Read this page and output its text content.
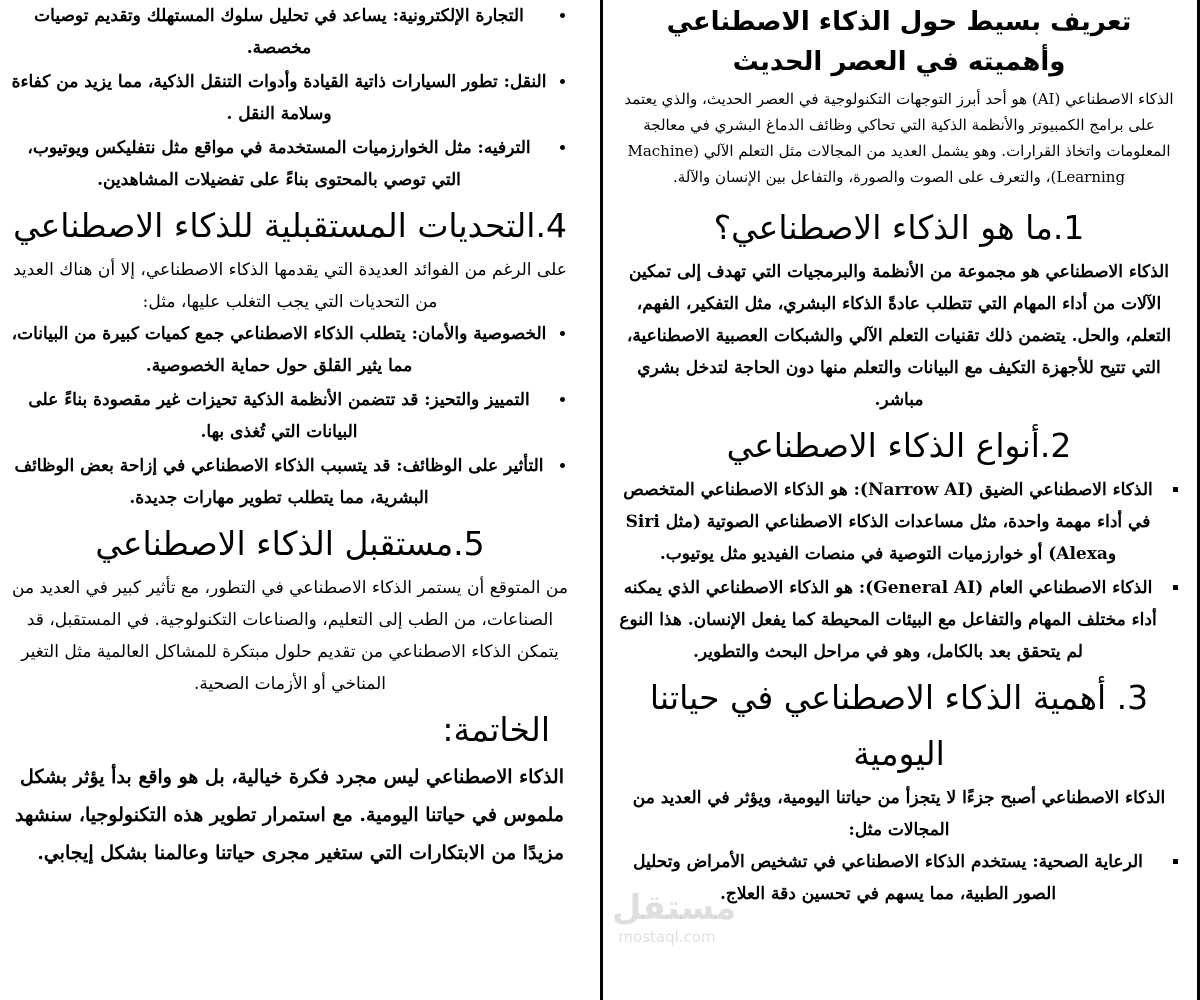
• التجارة الإلكترونية: يساعد في تحليل سلوك المستهلك وتقديم توصيات مخصصة.
• النقل: تطور السيارات ذاتية القيادة وأدوات التنقل الذكية، مما يزيد من كفاءة وسلامة النقل .
• الترفيه: مثل الخوارزميات المستخدمة في مواقع مثل نتفليكس ويوتيوب، التي توصي بالمحتوى بناءً على تفضيلات المشاهدين.
4.التحديات المستقبلية للذكاء الاصطناعي

على الرغم من الفوائد العديدة التي يقدمها الذكاء الاصطناعي، إلا أن هناك العديد من التحديات التي يجب التغلب عليها، مثل:

• الخصوصية والأمان: يتطلب الذكاء الاصطناعي جمع كميات كبيرة من البيانات، مما يثير القلق حول حماية الخصوصية.
• التمييز والتحيز: قد تتضمن الأنظمة الذكية تحيزات غير مقصودة بناءً على البيانات التي تُغذى بها.
• التأثير على الوظائف: قد يتسبب الذكاء الاصطناعي في إزاحة بعض الوظائف البشرية، مما يتطلب تطوير مهارات جديدة.
5.مستقبل الذكاء الاصطناعي

من المتوقع أن يستمر الذكاء الاصطناعي في التطور، مع تأثير كبير في العديد من الصناعات، من الطب إلى التعليم، والصناعات التكنولوجية. في المستقبل، قد يتمكن الذكاء الاصطناعي من تقديم حلول مبتكرة للمشاكل العالمية مثل التغير المناخي أو الأزمات الصحية.

الخاتمة:

الذكاء الاصطناعي ليس مجرد فكرة خيالية، بل هو واقع بدأ يؤثر بشكل ملموس في حياتنا اليومية. مع استمرار تطوير هذه التكنولوجيا، سنشهد مزيدًا من الابتكارات التي ستغير مجرى حياتنا وعالمنا بشكل إيجابي.

تعريف بسيط حول الذكاء الاصطناعي وأهميته في العصر الحديث

الذكاء الاصطناعي (AI) هو أحد أبرز التوجهات التكنولوجية في العصر الحديث، والذي يعتمد على برامج الكمبيوتر والأنظمة الذكية التي تحاكي وظائف الدماغ البشري في معالجة المعلومات واتخاذ القرارات. وهو يشمل العديد من المجالات مثل التعلم الآلي (Machine Learning)، والتعرف على الصوت والصورة، والتفاعل بين الإنسان والآلة.

1.ما هو الذكاء الاصطناعي؟

الذكاء الاصطناعي هو مجموعة من الأنظمة والبرمجيات التي تهدف إلى تمكين الآلات من أداء المهام التي تتطلب عادةً الذكاء البشري، مثل التفكير، الفهم، التعلم، والحل. يتضمن ذلك تقنيات التعلم الآلي والشبكات العصبية الاصطناعية، التي تتيح للأجهزة التكيف مع البيانات والتعلم منها دون الحاجة لتدخل بشري مباشر.

2.أنواع الذكاء الاصطناعي
▪ الذكاء الاصطناعي الضيق (Narrow AI): هو الذكاء الاصطناعي المتخصص في أداء مهمة واحدة، مثل مساعدات الذكاء الاصطناعي الصوتية (مثل Siri وAlexa) أو خوارزميات التوصية في منصات الفيديو مثل يوتيوب.
▪ الذكاء الاصطناعي العام (General AI): هو الذكاء الاصطناعي الذي يمكنه أداء مختلف المهام والتفاعل مع البيئات المحيطة كما يفعل الإنسان. هذا النوع لم يتحقق بعد بالكامل، وهو في مراحل البحث والتطوير.
3. أهمية الذكاء الاصطناعي في حياتنا اليومية

الذكاء الاصطناعي أصبح جزءًا لا يتجزأ من حياتنا اليومية، ويؤثر في العديد من المجالات مثل:

▪ الرعاية الصحية: يستخدم الذكاء الاصطناعي في تشخيص الأمراض وتحليل الصور الطبية، مما يسهم في تحسين دقة العلاج.
مستقل
mostaql.com
